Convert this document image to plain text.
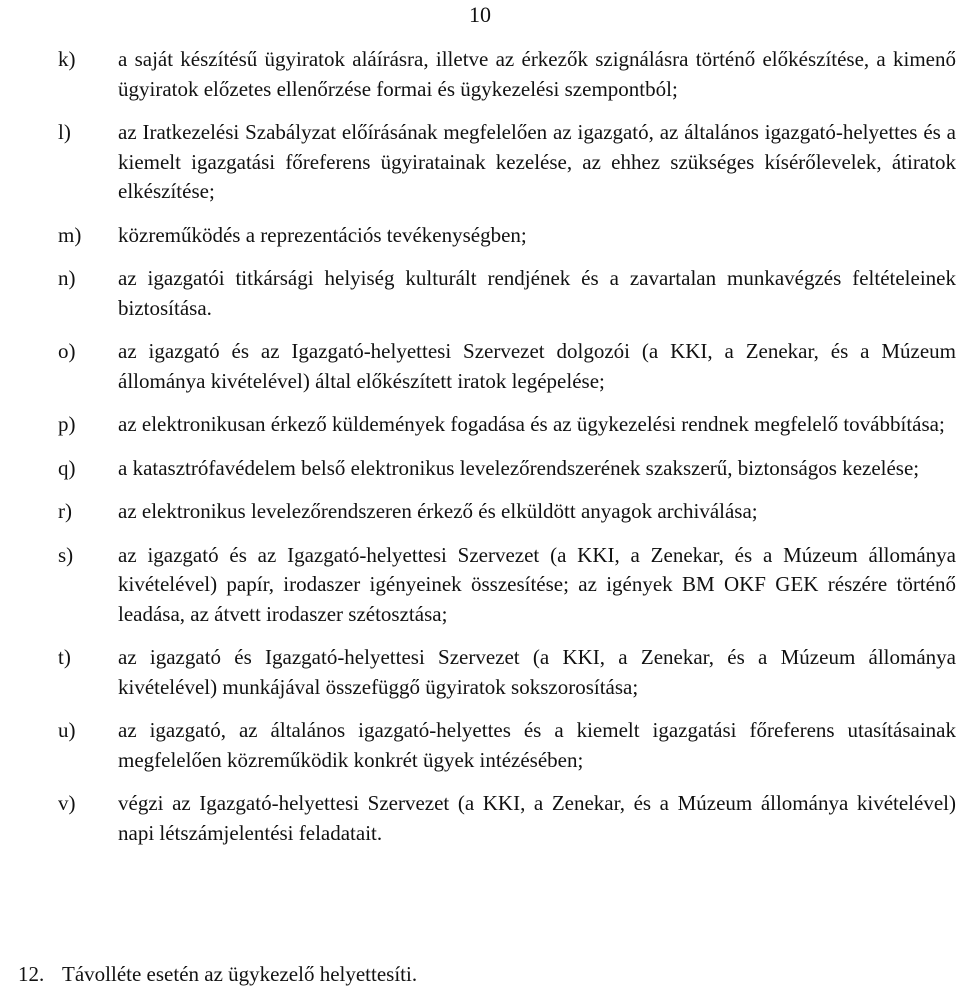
10
k)	a saját készítésű ügyiratok aláírásra, illetve az érkezők szignálásra történő előkészítése, a kimenő ügyiratok előzetes ellenőrzése formai és ügykezelési szempontból;
l)	az Iratkezelési Szabályzat előírásának megfelelően az igazgató, az általános igazgató-helyettes és a kiemelt igazgatási főreferens ügyiratainak kezelése, az ehhez szükséges kísérőlevelek, átiratok elkészítése;
m)	közreműködés a reprezentációs tevékenységben;
n)	az igazgatói titkársági helyiség kulturált rendjének és a zavartalan munkavégzés feltételeinek biztosítása.
o)	az igazgató és az Igazgató-helyettesi Szervezet dolgozói (a KKI, a Zenekar, és a Múzeum állománya kivételével) által előkészített iratok legépelése;
p)	az elektronikusan érkező küldemények fogadása és az ügykezelési rendnek megfelelő továbbítása;
q)	a katasztrófavédelem belső elektronikus levelezőrendszerének szakszerű, biztonságos kezelése;
r)	az elektronikus levelezőrendszeren érkező és elküldött anyagok archiválása;
s)	az igazgató és az Igazgató-helyettesi Szervezet (a KKI, a Zenekar, és a Múzeum állománya kivételével) papír, irodaszer igényeinek összesítése; az igények BM OKF GEK részére történő leadása, az átvett irodaszer szétosztása;
t)	az igazgató és Igazgató-helyettesi Szervezet (a KKI, a Zenekar, és a Múzeum állománya kivételével) munkájával összefüggő ügyiratok sokszorosítása;
u)	az igazgató, az általános igazgató-helyettes és a kiemelt igazgatási főreferens utasításainak megfelelően közreműködik konkrét ügyek intézésében;
v)	végzi az Igazgató-helyettesi Szervezet (a KKI, a Zenekar, és a Múzeum állománya kivételével) napi létszámjelentési feladatait.
12. Távolléte esetén az ügykezelő helyettesíti.
